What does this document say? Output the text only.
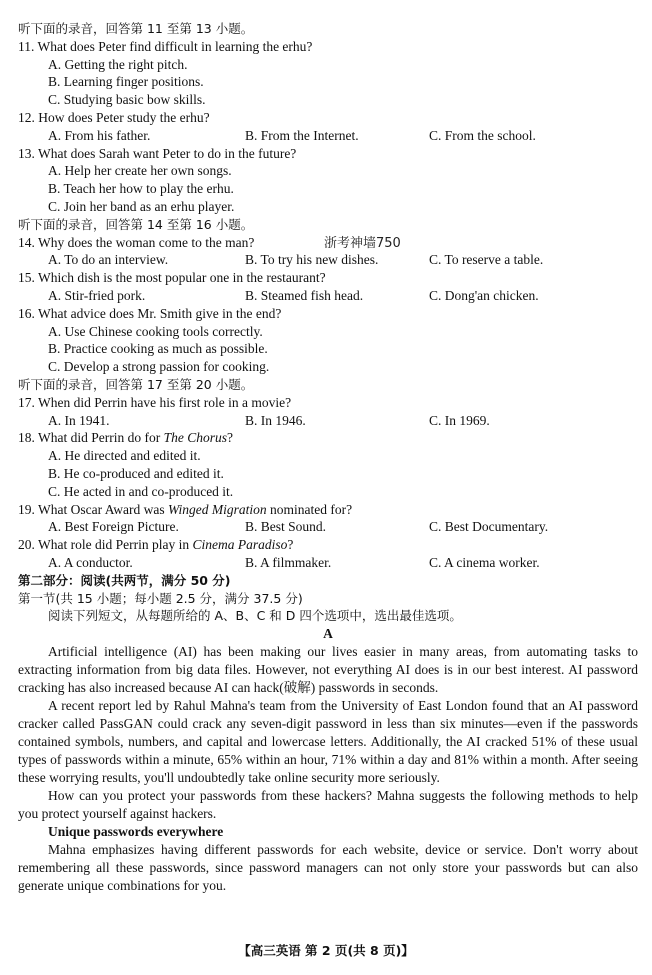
听下面的录音，回答第 11 至第 13 小题。
11. What does Peter find difficult in learning the erhu?
A. Getting the right pitch.
B. Learning finger positions.
C. Studying basic bow skills.
12. How does Peter study the erhu?
A. From his father.	B. From the Internet.	C. From the school.
13. What does Sarah want Peter to do in the future?
A. Help her create her own songs.
B. Teach her how to play the erhu.
C. Join her band as an erhu player.
听下面的录音，回答第 14 至第 16 小题。
14. Why does the woman come to the man?
A. To do an interview.	B. To try his new dishes.	C. To reserve a table.
15. Which dish is the most popular one in the restaurant?
A. Stir-fried pork.	B. Steamed fish head.	C. Dong'an chicken.
16. What advice does Mr. Smith give in the end?
A. Use Chinese cooking tools correctly.
B. Practice cooking as much as possible.
C. Develop a strong passion for cooking.
听下面的录音，回答第 17 至第 20 小题。
17. When did Perrin have his first role in a movie?
A. In 1941.	B. In 1946.	C. In 1969.
18. What did Perrin do for The Chorus?
A. He directed and edited it.
B. He co-produced and edited it.
C. He acted in and co-produced it.
19. What Oscar Award was Winged Migration nominated for?
A. Best Foreign Picture.	B. Best Sound.	C. Best Documentary.
20. What role did Perrin play in Cinema Paradiso?
A. A conductor.	B. A filmmaker.	C. A cinema worker.
第二部分：阅读(共两节，满分 50 分)
第一节(共 15 小题；每小题 2.5 分，满分 37.5 分)
阅读下列短文，从每题所给的 A、B、C 和 D 四个选项中，选出最佳选项。
A
Artificial intelligence (AI) has been making our lives easier in many areas, from automating tasks to extracting information from big data files. However, not everything AI does is in our best interest. AI password cracking has also increased because AI can hack(破解) passwords in seconds.
A recent report led by Rahul Mahna's team from the University of East London found that an AI password cracker called PassGAN could crack any seven-digit password in less than six minutes—even if the passwords contained symbols, numbers, and capital and lowercase letters. Additionally, the AI cracked 51% of these usual types of passwords within a minute, 65% within an hour, 71% within a day and 81% within a month. After seeing these worrying results, you'll undoubtedly take online security more seriously.
How can you protect your passwords from these hackers? Mahna suggests the following methods to help you protect yourself against hackers.
Unique passwords everywhere
Mahna emphasizes having different passwords for each website, device or service. Don't worry about remembering all these passwords, since password managers can not only store your passwords but can also generate unique combinations for you.
浙考神墙750
【高三英语 第 2 页(共 8 页)】
